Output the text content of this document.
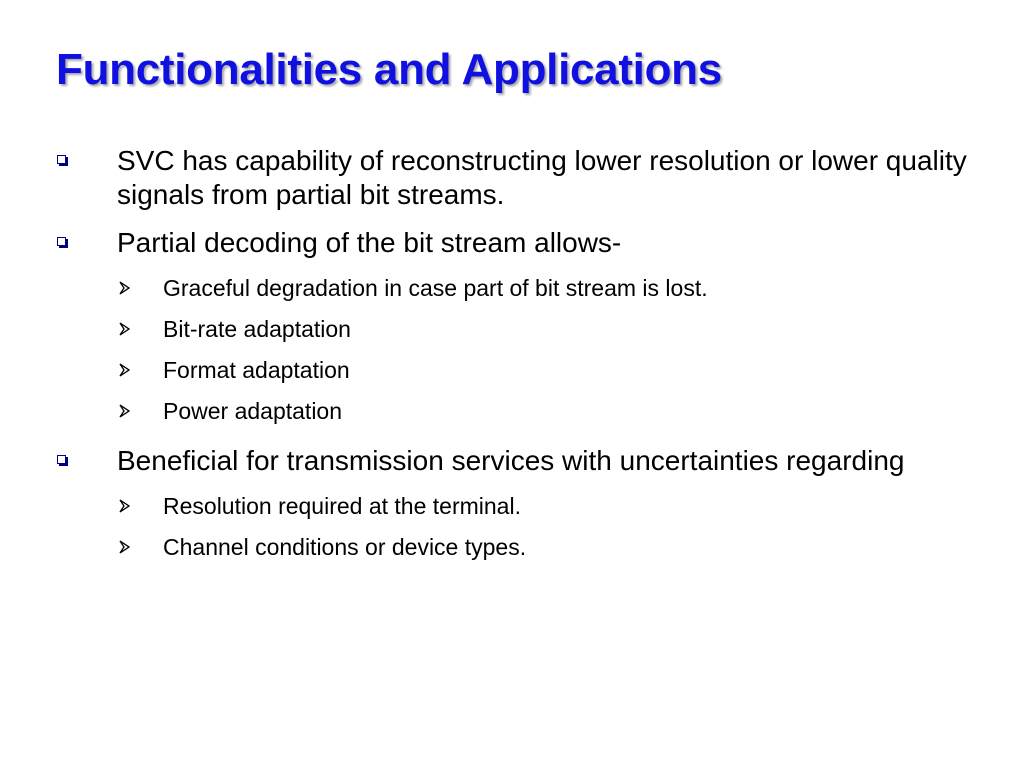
Functionalities and Applications
SVC has capability of reconstructing lower resolution or lower quality signals from partial bit streams.
Partial decoding of the bit stream allows-
Graceful degradation in case part of bit stream is lost.
Bit-rate adaptation
Format adaptation
Power adaptation
Beneficial for transmission services with uncertainties regarding
Resolution required at the terminal.
Channel conditions or device types.
